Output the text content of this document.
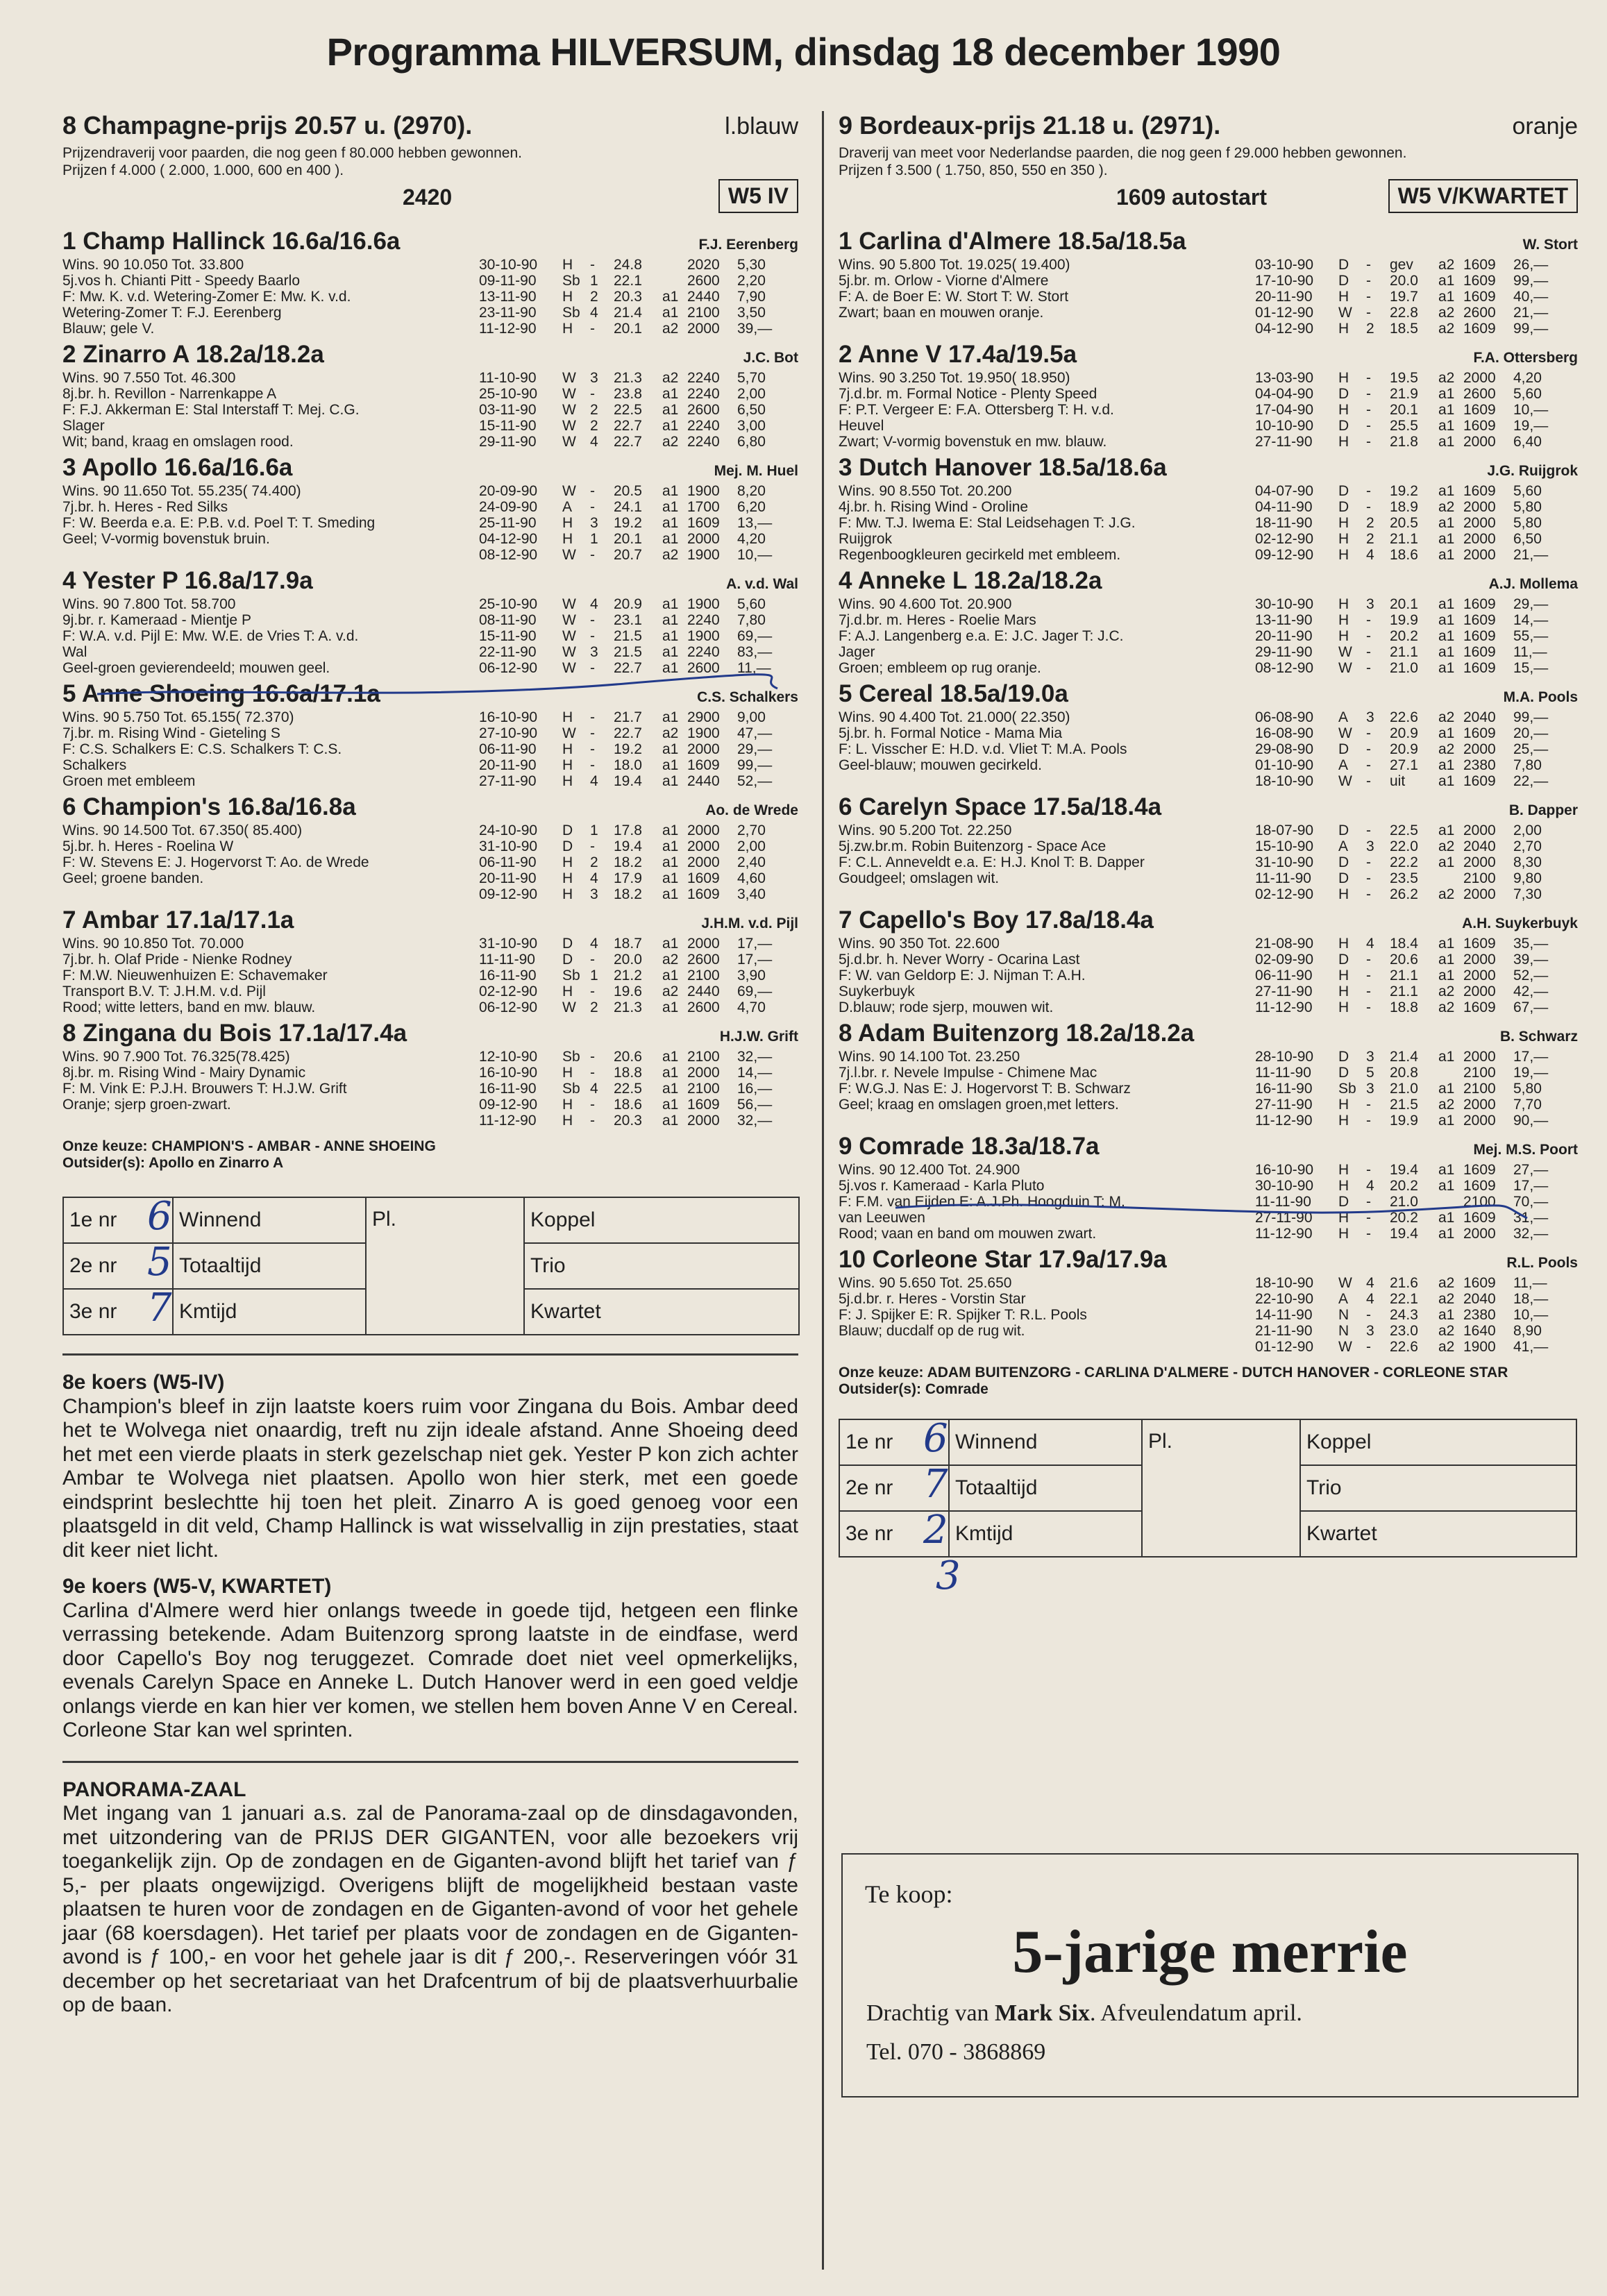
Programma HILVERSUM, dinsdag 18 december 1990
8 Champagne-prijs 20.57 u. (2970).	l.blauw
Prijzendraverij voor paarden, die nog geen f 80.000 hebben gewonnen.
Prijzen f 4.000 ( 2.000, 1.000, 600 en 400 ).
2420	W5 IV
1 Champ Hallinck 16.6a/16.6a	F.J. Eerenberg
Wins. 90 10.050 Tot. 33.800
5j.vos h. Chianti Pitt - Speedy Baarlo
F: Mw. K. v.d. Wetering-Zomer E: Mw. K. v.d.
Wetering-Zomer T: F.J. Eerenberg
Blauw; gele V.
30-10-90	H	-	24.8	2020	5,30
09-11-90	Sb 1	22.1	2600	2,20
13-11-90	H	2	20.3	a1 2440	7,90
23-11-90	Sb 4	21.4	a1 2100	3,50
11-12-90	H	-	20.1	a2 2000	39,—
2 Zinarro A 18.2a/18.2a	J.C. Bot
Wins. 90 7.550 Tot. 46.300
8j.br. h. Revillon - Narrenkappe A
F: F.J. Akkerman E: Stal Interstaff T: Mej. C.G.
Slager
Wit; band, kraag en omslagen rood.
11-10-90	W 3	21.3	a2 2240	5,70
25-10-90	W -	23.8	a1 2240	2,00
03-11-90	W 2	22.5	a1 2600	6,50
15-11-90	W 2	22.7	a1 2240	3,00
29-11-90	W 4	22.7	a2 2240	6,80
3 Apollo 16.6a/16.6a	Mej. M. Huel
Wins. 90 11.650 Tot. 55.235( 74.400)
7j.br. h. Heres - Red Silks
F: W. Beerda e.a. E: P.B. v.d. Poel T: T. Smeding
Geel; V-vormig bovenstuk bruin.
20-09-90	W -	20.5	a1 1900	8,20
24-09-90	A	-	24.1	a1 1700	6,20
25-11-90	H	3	19.2	a1 1609	13,—
04-12-90	H	1	20.1	a1 2000	4,20
08-12-90	W -	20.7	a2 1900	10,—
4 Yester P 16.8a/17.9a	A. v.d. Wal
Wins. 90 7.800 Tot. 58.700
9j.br. r. Kameraad - Mientje P
F: W.A. v.d. Pijl E: Mw. W.E. de Vries T: A. v.d.
Wal
Geel-groen gevierendeeld; mouwen geel.
25-10-90	W 4	20.9	a1 1900	5,60
08-11-90	W -	23.1	a1 2240	7,80
15-11-90	W -	21.5	a1 1900	69,—
22-11-90	W 3	21.5	a1 2240	83,—
06-12-90	W -	22.7	a1 2600	11,—
5 Anne Shoeing 16.6a/17.1a	C.S. Schalkers
Wins. 90 5.750 Tot. 65.155( 72.370)
7j.br. m. Rising Wind - Gieteling S
F: C.S. Schalkers E: C.S. Schalkers T: C.S.
Schalkers
Groen met embleem
16-10-90	H	-	21.7	a1 2900	9,00
27-10-90	W -	22.7	a2 1900	47,—
06-11-90	H	-	19.2	a1 2000	29,—
20-11-90	H	-	18.0	a1 1609	99,—
27-11-90	H	4	19.4	a1 2440	52,—
6 Champion's 16.8a/16.8a	Ao. de Wrede
Wins. 90 14.500 Tot. 67.350( 85.400)
5j.br. h. Heres - Roelina W
F: W. Stevens E: J. Hogervorst T: Ao. de Wrede
Geel; groene banden.
24-10-90	D	1	17.8	a1 2000	2,70
31-10-90	D	-	19.4	a1 2000	2,00
06-11-90	H	2	18.2	a1 2000	2,40
20-11-90	H	4	17.9	a1 1609	4,60
09-12-90	H	3	18.2	a1 1609	3,40
7 Ambar 17.1a/17.1a	J.H.M. v.d. Pijl
Wins. 90 10.850 Tot. 70.000
7j.br. h. Olaf Pride - Nienke Rodney
F: M.W. Nieuwenhuizen E: Schavemaker
Transport B.V. T: J.H.M. v.d. Pijl
Rood; witte letters, band en mw. blauw.
31-10-90	D	4	18.7	a1 2000	17,—
11-11-90	D	-	20.0	a2 2600	17,—
16-11-90	Sb 1	21.2	a1 2100	3,90
02-12-90	H	-	19.6	a2 2440	69,—
06-12-90	W 2	21.3	a1 2600	4,70
8 Zingana du Bois 17.1a/17.4a	H.J.W. Grift
Wins. 90 7.900 Tot. 76.325(78.425)
8j.br. m. Rising Wind - Mairy Dynamic
F: M. Vink E: P.J.H. Brouwers T: H.J.W. Grift
Oranje; sjerp groen-zwart.
12-10-90	Sb -	20.6	a1 2100	32,—
16-10-90	H	-	18.8	a1 2000	14,—
16-11-90	Sb 4	22.5	a1 2100	16,—
09-12-90	H	-	18.6	a1 1609	56,—
11-12-90	H	-	20.3	a1 2000	32,—
Onze keuze: CHAMPION'S - AMBAR - ANNE SHOEING
Outsider(s): Apollo en Zinarro A
1e nr 6	Winnend	Pl.	Koppel
2e nr 5	Totaaltijd		Trio
3e nr 7	Kmtijd		Kwartet
8e koers (W5-IV)
Champion's bleef in zijn laatste koers ruim voor Zingana du Bois. Ambar deed het te Wolvega niet onaardig, treft nu zijn ideale afstand. Anne Shoeing deed het met een vierde plaats in sterk gezelschap niet gek. Yester P kon zich achter Ambar te Wolvega niet plaatsen. Apollo won hier sterk, met een goede eindsprint beslechtte hij toen het pleit. Zinarro A is goed genoeg voor een plaatsgeld in dit veld, Champ Hallinck is wat wisselvallig in zijn prestaties, staat dit keer niet licht.
9e koers (W5-V, KWARTET)
Carlina d'Almere werd hier onlangs tweede in goede tijd, hetgeen een flinke verrassing betekende. Adam Buitenzorg sprong laatste in de eindfase, werd door Capello's Boy nog teruggezet. Comrade doet niet veel opmerkelijks, evenals Carelyn Space en Anneke L. Dutch Hanover werd in een goed veldje onlangs vierde en kan hier ver komen, we stellen hem boven Anne V en Cereal. Corleone Star kan wel sprinten.
PANORAMA-ZAAL
Met ingang van 1 januari a.s. zal de Panorama-zaal op de dinsdagavonden, met uitzondering van de PRIJS DER GIGANTEN, voor alle bezoekers vrij toegankelijk zijn. Op de zondagen en de Giganten-avond blijft het tarief van ƒ 5,- per plaats ongewijzigd. Overigens blijft de mogelijkheid bestaan vaste plaatsen te huren voor de zondagen en de Giganten-avond of voor het gehele jaar (68 koersdagen). Het tarief per plaats voor de zondagen en de Giganten-avond is ƒ 100,- en voor het gehele jaar is dit ƒ 200,-. Reserveringen vóór 31 december op het secretariaat van het Drafcentrum of bij de plaatsverhuurbalie op de baan.
9 Bordeaux-prijs 21.18 u. (2971).	oranje
Draverij van meet voor Nederlandse paarden, die nog geen f 29.000 hebben gewonnen.
Prijzen f 3.500 ( 1.750, 850, 550 en 350 ).
1609 autostart	W5 V/KWARTET
1 Carlina d'Almere 18.5a/18.5a	W. Stort
Wins. 90 5.800 Tot. 19.025( 19.400)
5j.br. m. Orlow - Viorne d'Almere
F: A. de Boer E: W. Stort T: W. Stort
Zwart; baan en mouwen oranje.
03-10-90	D	-	gev	a2 1609	26,—
17-10-90	D	-	20.0	a1 1609	99,—
20-11-90	H	-	19.7	a1 1609	40,—
01-12-90	W -	22.8	a2 2600	21,—
04-12-90	H	2	18.5	a2 1609	99,—
2 Anne V 17.4a/19.5a	F.A. Ottersberg
Wins. 90 3.250 Tot. 19.950( 18.950)
7j.d.br. m. Formal Notice - Plenty Speed
F: P.T. Vergeer E: F.A. Ottersberg T: H. v.d.
Heuvel
Zwart; V-vormig bovenstuk en mw. blauw.
13-03-90	H	-	19.5	a2 2000	4,20
04-04-90	D	-	21.9	a1 2600	5,60
17-04-90	H	-	20.1	a1 1609	10,—
10-10-90	D	-	25.5	a1 1609	19,—
27-11-90	H	-	21.8	a1 2000	6,40
3 Dutch Hanover 18.5a/18.6a	J.G. Ruijgrok
Wins. 90 8.550 Tot. 20.200
4j.br. h. Rising Wind - Oroline
F: Mw. T.J. Iwema E: Stal Leidsehagen T: J.G.
Ruijgrok
Regenboogkleuren gecirkeld met embleem.
04-07-90	D	-	19.2	a1 1609	5,60
04-11-90	D	-	18.9	a2 2000	5,80
18-11-90	H	2	20.5	a1 2000	5,80
02-12-90	H	2	21.1	a1 2000	6,50
09-12-90	H	4	18.6	a1 2000	21,—
4 Anneke L 18.2a/18.2a	A.J. Mollema
Wins. 90 4.600 Tot. 20.900
7j.d.br. m. Heres - Roelie Mars
F: A.J. Langenberg e.a. E: J.C. Jager T: J.C.
Jager
Groen; embleem op rug oranje.
30-10-90	H	3	20.1	a1 1609	29,—
13-11-90	H	-	19.9	a1 1609	14,—
20-11-90	H	-	20.2	a1 1609	55,—
29-11-90	W -	21.1	a1 1609	11,—
08-12-90	W -	21.0	a1 1609	15,—
5 Cereal 18.5a/19.0a	M.A. Pools
Wins. 90 4.400 Tot. 21.000( 22.350)
5j.br. h. Formal Notice - Mama Mia
F: L. Visscher E: H.D. v.d. Vliet T: M.A. Pools
Geel-blauw; mouwen gecirkeld.
06-08-90	A	3	22.6	a2 2040	99,—
16-08-90	W -	20.9	a1 1609	20,—
29-08-90	D	-	20.9	a2 2000	25,—
01-10-90	A	-	27.1	a1 2380	7,80
18-10-90	W -	uit	a1 1609	22,—
6 Carelyn Space 17.5a/18.4a	B. Dapper
Wins. 90 5.200 Tot. 22.250
5j.zw.br.m. Robin Buitenzorg - Space Ace
F: C.L. Anneveldt e.a. E: H.J. Knol T: B. Dapper
Goudgeel; omslagen wit.
18-07-90	D	-	22.5	a1 2000	2,00
15-10-90	A	3	22.0	a2 2040	2,70
31-10-90	D	-	22.2	a1 2000	8,30
11-11-90	D	-	23.5	2100	9,80
02-12-90	H	-	26.2	a2 2000	7,30
7 Capello's Boy 17.8a/18.4a	A.H. Suykerbuyk
Wins. 90 350 Tot. 22.600
5j.d.br. h. Never Worry - Ocarina Last
F: W. van Geldorp E: J. Nijman T: A.H.
Suykerbuyk
D.blauw; rode sjerp, mouwen wit.
21-08-90	H	4	18.4	a1 1609	35,—
02-09-90	D	-	20.6	a1 2000	39,—
06-11-90	H	-	21.1	a1 2000	52,—
27-11-90	H	-	21.1	a2 2000	42,—
11-12-90	H	-	18.8	a2 1609	67,—
8 Adam Buitenzorg 18.2a/18.2a	B. Schwarz
Wins. 90 14.100 Tot. 23.250
7j.l.br. r. Nevele Impulse - Chimene Mac
F: W.G.J. Nas E: J. Hogervorst T: B. Schwarz
Geel; kraag en omslagen groen,met letters.
28-10-90	D	3	21.4	a1 2000	17,—
11-11-90	D	5	20.8	2100	19,—
16-11-90	Sb 3	21.0	a1 2100	5,80
27-11-90	H	-	21.5	a2 2000	7,70
11-12-90	H	-	19.9	a1 2000	90,—
9 Comrade 18.3a/18.7a	Mej. M.S. Poort
Wins. 90 12.400 Tot. 24.900
5j.vos r. Kameraad - Karla Pluto
F: F.M. van Eijden E: A.J.Ph. Hoogduin T: M.
van Leeuwen
Rood; vaan en band om mouwen zwart.
16-10-90	H	-	19.4	a1 1609	27,—
30-10-90	H	4	20.2	a1 1609	17,—
11-11-90	D	-	21.0	2100	70,—
27-11-90	H	-	20.2	a1 1609	31,—
11-12-90	H	-	19.4	a1 2000	32,—
10 Corleone Star 17.9a/17.9a	R.L. Pools
Wins. 90 5.650 Tot. 25.650
5j.d.br. r. Heres - Vorstin Star
F: J. Spijker E: R. Spijker T: R.L. Pools
Blauw; ducdalf op de rug wit.
18-10-90	W 4	21.6	a2 1609	11,—
22-10-90	A	4	22.1	a2 2040	18,—
14-11-90	N	-	24.3	a1 2380	10,—
21-11-90	N	3	23.0	a2 1640	8,90
01-12-90	W -	22.6	a2 1900	41,—
Onze keuze: ADAM BUITENZORG - CARLINA D'ALMERE - DUTCH HANOVER - CORLEONE STAR
Outsider(s): Comrade
1e nr 6	Winnend	Pl.	Koppel
2e nr 7	Totaaltijd		Trio
3e nr 2	Kmtijd		Kwartet
3
Te koop:
5-jarige merrie
Drachtig van Mark Six. Afveulendatum april.
Tel. 070 - 3868869
